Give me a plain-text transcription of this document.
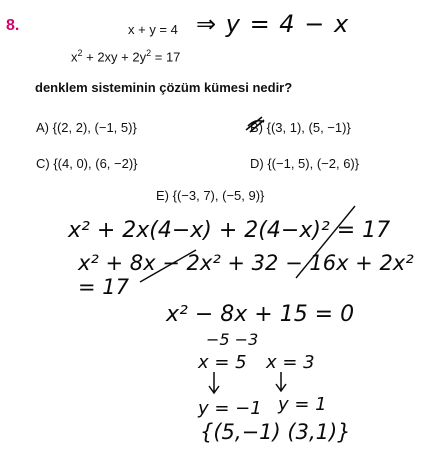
8.	x + y = 4
$x^2 + 2xy + 2y^2 = 17$
denklem sisteminin çözüm kümesi nedir?
A) {(2, 2), (−1, 5)}	B) {(3, 1), (5, −1)}
C) {(4, 0), (6, −2)}	D) {(−1, 5), (−2, 6)}
E) {(−3, 7), (−5, 9)}
⇒ y = 4 − x
x² + 2x(4−x) + 2(4−x)² = 17
x² + 8x − 2x² + 32 − 16x + 2x² = 17
x² − 8x + 15 = 0
−5 −3
x = 5 x = 3
y = −1 y = 1
{(5,−1) (3,1)}
